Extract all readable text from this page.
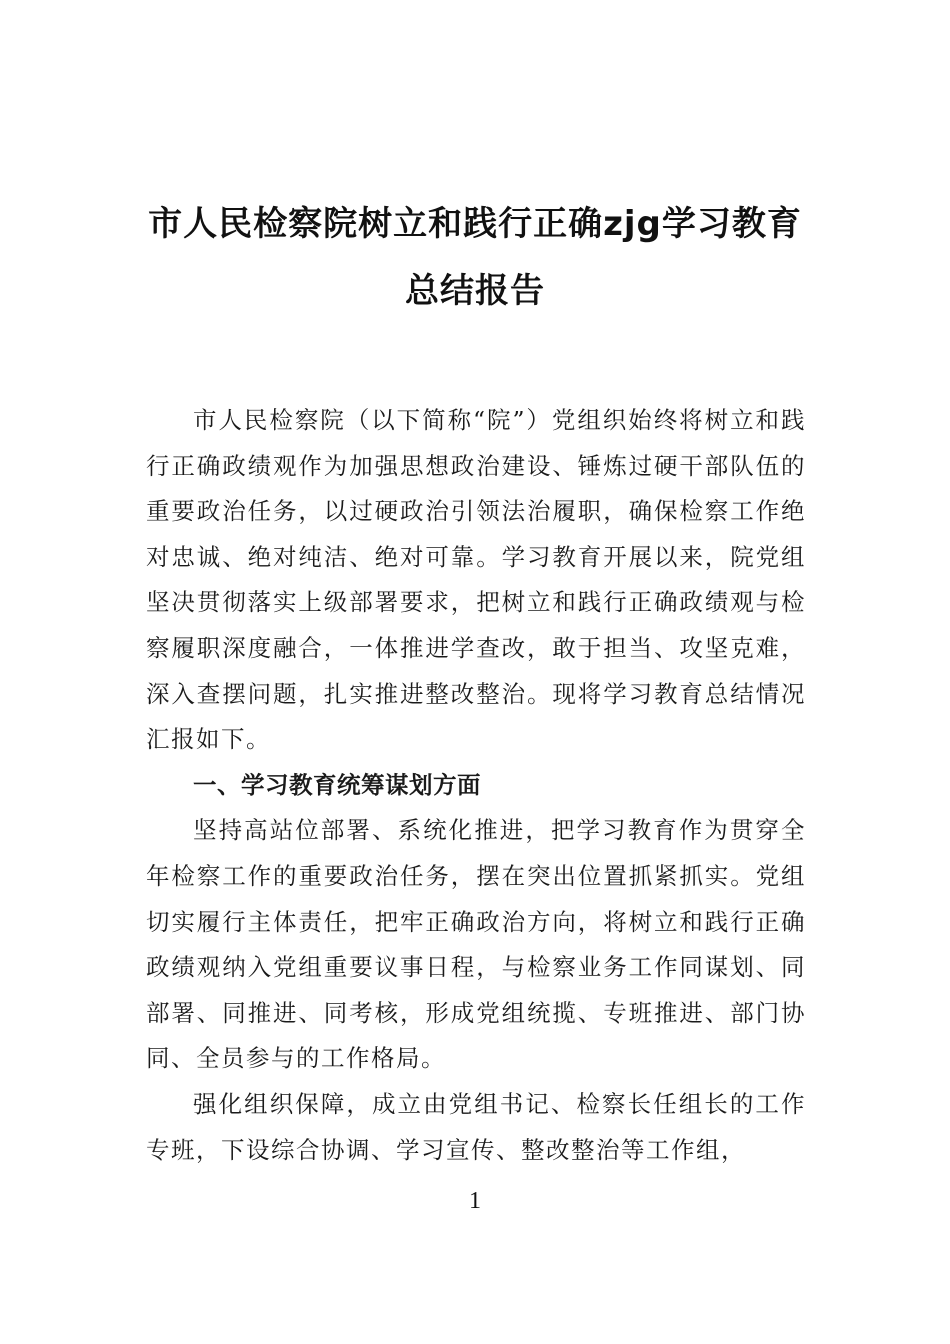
市人民检察院树立和践行正确zjg学习教育
总结报告

市人民检察院（以下简称“院”）党组织始终将树立和践行正确政绩观作为加强思想政治建设、锤炼过硬干部队伍的重要政治任务，以过硬政治引领法治履职，确保检察工作绝对忠诚、绝对纯洁、绝对可靠。学习教育开展以来，院党组坚决贯彻落实上级部署要求，把树立和践行正确政绩观与检察履职深度融合，一体推进学查改，敢于担当、攻坚克难，深入查摆问题，扎实推进整改整治。现将学习教育总结情况汇报如下。

一、学习教育统筹谋划方面

坚持高站位部署、系统化推进，把学习教育作为贯穿全年检察工作的重要政治任务，摆在突出位置抓紧抓实。党组切实履行主体责任，把牢正确政治方向，将树立和践行正确政绩观纳入党组重要议事日程，与检察业务工作同谋划、同部署、同推进、同考核，形成党组统揽、专班推进、部门协同、全员参与的工作格局。

强化组织保障，成立由党组书记、检察长任组长的工作专班，下设综合协调、学习宣传、整改整治等工作组，

1
